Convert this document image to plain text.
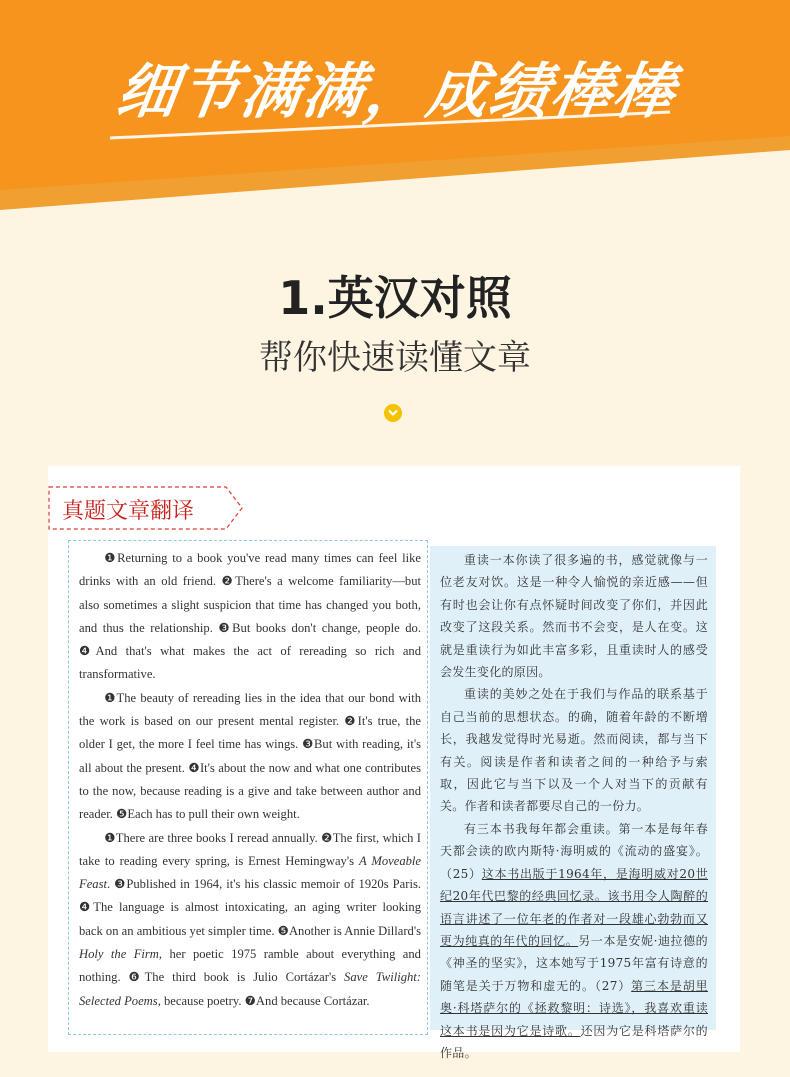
细节满满，成绩棒棒
1.英汉对照
帮你快速读懂文章
真题文章翻译

❶Returning to a book you've read many times can feel like drinks with an old friend. ❷There's a welcome familiarity—but also sometimes a slight suspicion that time has changed you both, and thus the relationship. ❸But books don't change, people do. ❹And that's what makes the act of rereading so rich and transformative.

❶The beauty of rereading lies in the idea that our bond with the work is based on our present mental register. ❷It's true, the older I get, the more I feel time has wings. ❸But with reading, it's all about the present. ❹It's about the now and what one contributes to the now, because reading is a give and take between author and reader. ❺Each has to pull their own weight.

❶There are three books I reread annually. ❷The first, which I take to reading every spring, is Ernest Hemingway's A Moveable Feast. ❸Published in 1964, it's his classic memoir of 1920s Paris. ❹The language is almost intoxicating, an aging writer looking back on an ambitious yet simpler time. ❺Another is Annie Dillard's Holy the Firm, her poetic 1975 ramble about everything and nothing. ❻The third book is Julio Cortázar's Save Twilight: Selected Poems, because poetry. ❼And because Cortázar.

重读一本你读了很多遍的书，感觉就像与一位老友对饮。这是一种令人愉悦的亲近感——但有时也会让你有点怀疑时间改变了你们，并因此改变了这段关系。然而书不会变，是人在变。这就是重读行为如此丰富多彩，且重读时人的感受会发生变化的原因。

重读的美妙之处在于我们与作品的联系基于自己当前的思想状态。的确，随着年龄的不断增长，我越发觉得时光易逝。然而阅读，都与当下有关。阅读是作者和读者之间的一种给予与索取，因此它与当下以及一个人对当下的贡献有关。作者和读者都要尽自己的一份力。

有三本书我每年都会重读。第一本是每年春天都会读的欧内斯特·海明威的《流动的盛宴》。（25）这本书出版于1964年，是海明威对20世纪20年代巴黎的经典回忆录。该书用令人陶醉的语言讲述了一位年老的作者对一段雄心勃勃而又更为纯真的年代的回忆。另一本是安妮·迪拉德的《神圣的坚实》，这本她写于1975年富有诗意的随笔是关于万物和虚无的。（27）第三本是胡里奥·科塔萨尔的《拯救黎明：诗选》，我喜欢重读这本书是因为它是诗歌。还因为它是科塔萨尔的作品。
